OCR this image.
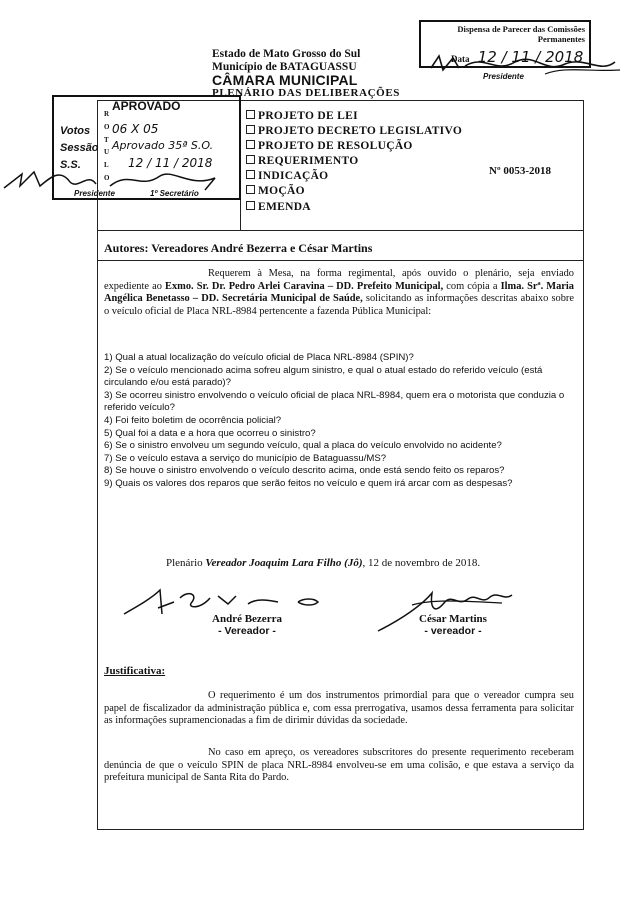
Estado de Mato Grosso do Sul
Município de BATAGUASSU
CÂMARA MUNICIPAL
PLENÁRIO DAS DELIBERAÇÕES
Dispensa de Parecer das Comissões Permanentes
Data 12 / 11 / 2018
Presidente
R
O
T
U
L
O
APROVADO
Votos 06 X 05
Sessão Aprovado 35ª S.O.
S.S.	12 / 11 / 2018
Presidente	1º Secretário
PROJETO DE LEI
PROJETO DECRETO LEGISLATIVO
PROJETO DE RESOLUÇÃO
REQUERIMENTO
INDICAÇÃO
MOÇÃO
EMENDA
Nº 0053-2018
Autores: Vereadores André Bezerra e César Martins
Requerem à Mesa, na forma regimental, após ouvido o plenário, seja enviado expediente ao Exmo. Sr. Dr. Pedro Arlei Caravina – DD. Prefeito Municipal, com cópia a Ilma. Srª. Maria Angélica Benetasso – DD. Secretária Municipal de Saúde, solicitando as informações descritas abaixo sobre o veículo oficial de Placa NRL-8984 pertencente a fazenda Pública Municipal:
1) Qual a atual localização do veículo oficial de Placa NRL-8984 (SPIN)?
2) Se o veículo mencionado acima sofreu algum sinistro, e qual o atual estado do referido veículo (está circulando e/ou está parado)?
3) Se ocorreu sinistro envolvendo o veículo oficial de placa NRL-8984, quem era o motorista que conduzia o referido veículo?
4) Foi feito boletim de ocorrência policial?
5) Qual foi a data e a hora que ocorreu o sinistro?
6) Se o sinistro envolveu um segundo veículo, qual a placa do veículo envolvido no acidente?
7) Se o veículo estava a serviço do município de Bataguassu/MS?
8) Se houve o sinistro envolvendo o veículo descrito acima, onde está sendo feito os reparos?
9) Quais os valores dos reparos que serão feitos no veículo e quem irá arcar com as despesas?
Plenário Vereador Joaquim Lara Filho (Jô), 12 de novembro de 2018.
André Bezerra
- Vereador -
César Martins
- vereador -
Justificativa:
O requerimento é um dos instrumentos primordial para que o vereador cumpra seu papel de fiscalizador da administração pública e, com essa prerrogativa, usamos dessa ferramenta para solicitar as informações supramencionadas a fim de dirimir dúvidas da sociedade.
No caso em apreço, os vereadores subscritores do presente requerimento receberam denúncia de que o veículo SPIN de placa NRL-8984 envolveu-se em uma colisão, e que estava a serviço da prefeitura municipal de Santa Rita do Pardo.
